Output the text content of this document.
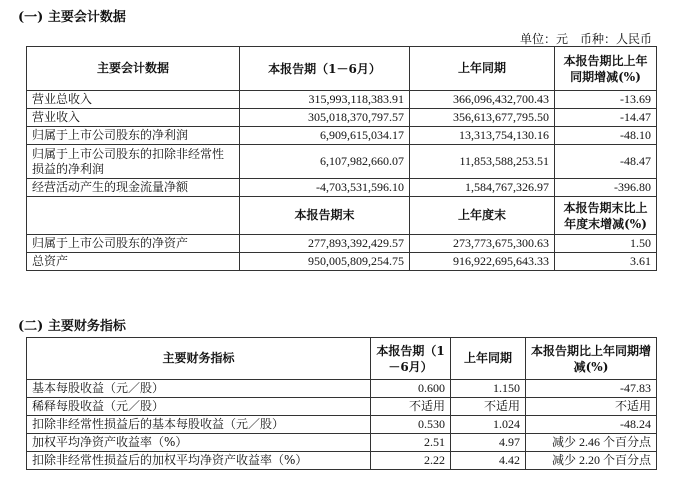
(一) 主要会计数据
单位：元　币种：人民币
主要会计数据	本报告期（1－6月）	上年同期	本报告期比上年同期增减(%)
营业总收入	315,993,118,383.91	366,096,432,700.43	-13.69
营业收入	305,018,370,797.57	356,613,677,795.50	-14.47
归属于上市公司股东的净利润	6,909,615,034.17	13,313,754,130.16	-48.10
归属于上市公司股东的扣除非经常性损益的净利润	6,107,982,660.07	11,853,588,253.51	-48.47
经营活动产生的现金流量净额	-4,703,531,596.10	1,584,767,326.97	-396.80
	本报告期末	上年度末	本报告期末比上年度末增减(%)
归属于上市公司股东的净资产	277,893,392,429.57	273,773,675,300.63	1.50
总资产	950,005,809,254.75	916,922,695,643.33	3.61
(二) 主要财务指标
主要财务指标	本报告期（1－6月）	上年同期	本报告期比上年同期增减(%)
基本每股收益（元／股）	0.600	1.150	-47.83
稀释每股收益（元／股）	不适用	不适用	不适用
扣除非经常性损益后的基本每股收益（元／股）	0.530	1.024	-48.24
加权平均净资产收益率（%）	2.51	4.97	减少 2.46 个百分点
扣除非经常性损益后的加权平均净资产收益率（%）	2.22	4.42	减少 2.20 个百分点
